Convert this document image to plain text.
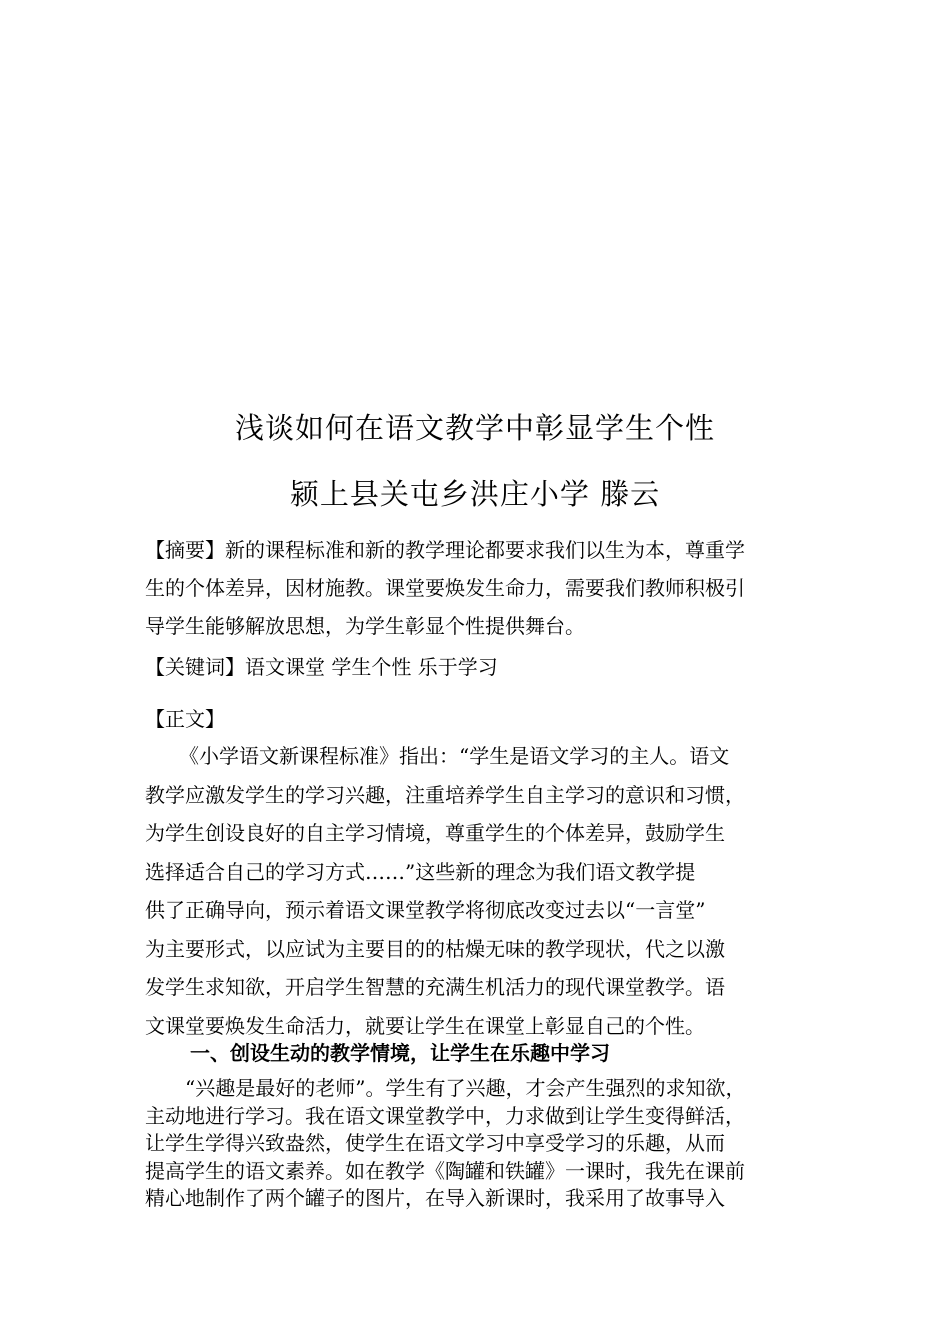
浅谈如何在语文教学中彰显学生个性
颍上县关屯乡洪庄小学 滕云
【摘要】新的课程标准和新的教学理论都要求我们以生为本，尊重学
生的个体差异，因材施教。课堂要焕发生命力，需要我们教师积极引
导学生能够解放思想，为学生彰显个性提供舞台。
【关键词】语文课堂 学生个性 乐于学习
【正文】
《小学语文新课程标准》指出：“学生是语文学习的主人。语文
教学应激发学生的学习兴趣，注重培养学生自主学习的意识和习惯，
为学生创设良好的自主学习情境，尊重学生的个体差异，鼓励学生
选择适合自己的学习方式……”这些新的理念为我们语文教学提
供了正确导向，预示着语文课堂教学将彻底改变过去以“一言堂”
为主要形式，以应试为主要目的的枯燥无味的教学现状，代之以激
发学生求知欲，开启学生智慧的充满生机活力的现代课堂教学。语
文课堂要焕发生命活力，就要让学生在课堂上彰显自己的个性。
一、创设生动的教学情境，让学生在乐趣中学习
“兴趣是最好的老师”。学生有了兴趣，才会产生强烈的求知欲，
主动地进行学习。我在语文课堂教学中，力求做到让学生变得鲜活，
让学生学得兴致盎然，使学生在语文学习中享受学习的乐趣，从而
提高学生的语文素养。如在教学《陶罐和铁罐》一课时，我先在课前
精心地制作了两个罐子的图片，在导入新课时，我采用了故事导入
